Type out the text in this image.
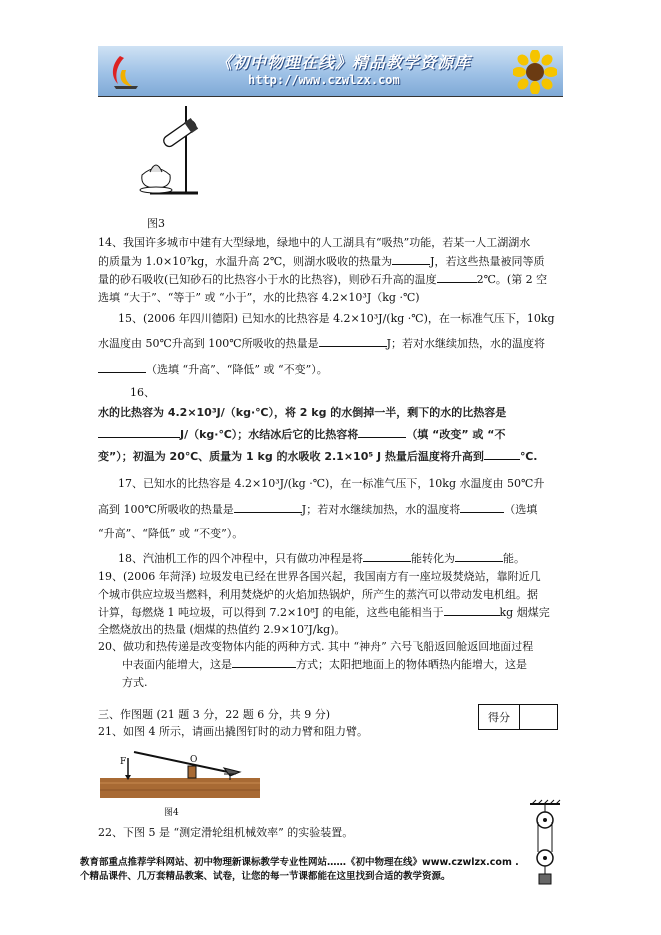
《初中物理在线》精品教学资源库
http://www.czwlzx.com
图3
14、我国许多城市中建有大型绿地，绿地中的人工湖具有“吸热”功能，若某一人工湖湖水
的质量为 1.0×10⁷kg，水温升高 2℃，则湖水吸收的热量为	J，若这些热量被同等质
量的砂石吸收(已知砂石的比热容小于水的比热容)，则砂石升高的温度	2℃。(第 2 空
选填 “大于”、“等于” 或 “小于”，水的比热容 4.2×10³J（kg ·℃)
15、(2006 年四川德阳) 已知水的比热容是 4.2×10³J/(kg ·℃)，在一标准气压下，10kg
水温度由 50℃升高到 100℃所吸收的热量是	J；若对水继续加热，水的温度将
（选填 “升高”、“降低” 或 “不变”）。
16、
水的比热容为 4.2×10³J/（kg·℃），将 2 kg 的水倒掉一半，剩下的水的比热容是
J/（kg·℃）；水结冰后它的比热容将	（填 “改变” 或 “不
变”）；初温为 20℃、质量为 1 kg 的水吸收 2.1×10⁵ J 热量后温度将升高到	℃.
17、已知水的比热容是 4.2×10³J/(kg ·℃)，在一标准气压下，10kg 水温度由 50℃升
高到 100℃所吸收的热量是	J；若对水继续加热，水的温度将	（选填
“升高”、“降低” 或 “不变”）。
18、汽油机工作的四个冲程中，只有做功冲程是将	能转化为	能。
19、(2006 年菏泽) 垃圾发电已经在世界各国兴起，我国南方有一座垃圾焚烧站，靠附近几
个城市供应垃圾当燃料，利用焚烧炉的火焰加热锅炉，所产生的蒸汽可以带动发电机组。据
计算，每燃烧 1 吨垃圾，可以得到 7.2×10⁸J 的电能，这些电能相当于	kg 烟煤完
全燃烧放出的热量 (烟煤的热值约 2.9×10⁷J/kg)。
20、做功和热传递是改变物体内能的两种方式. 其中 “神舟” 六号飞船返回舱返回地面过程
中表面内能增大，这是	方式；太阳把地面上的物体晒热内能增大，这是
方式.
三、作图题 (21 题 3 分，22 题 6 分，共 9 分)	得分
21、如图 4 所示，请画出撬图钉时的动力臂和阻力臂。
F	O
图4
22、下图 5 是 “测定滑轮组机械效率” 的实验装置。
教育部重点推荐学科网站、初中物理新课标教学专业性网站……《初中物理在线》www.czwlzx.com .
个精品课件、几万套精品教案、试卷，让您的每一节课都能在这里找到合适的教学资源。
